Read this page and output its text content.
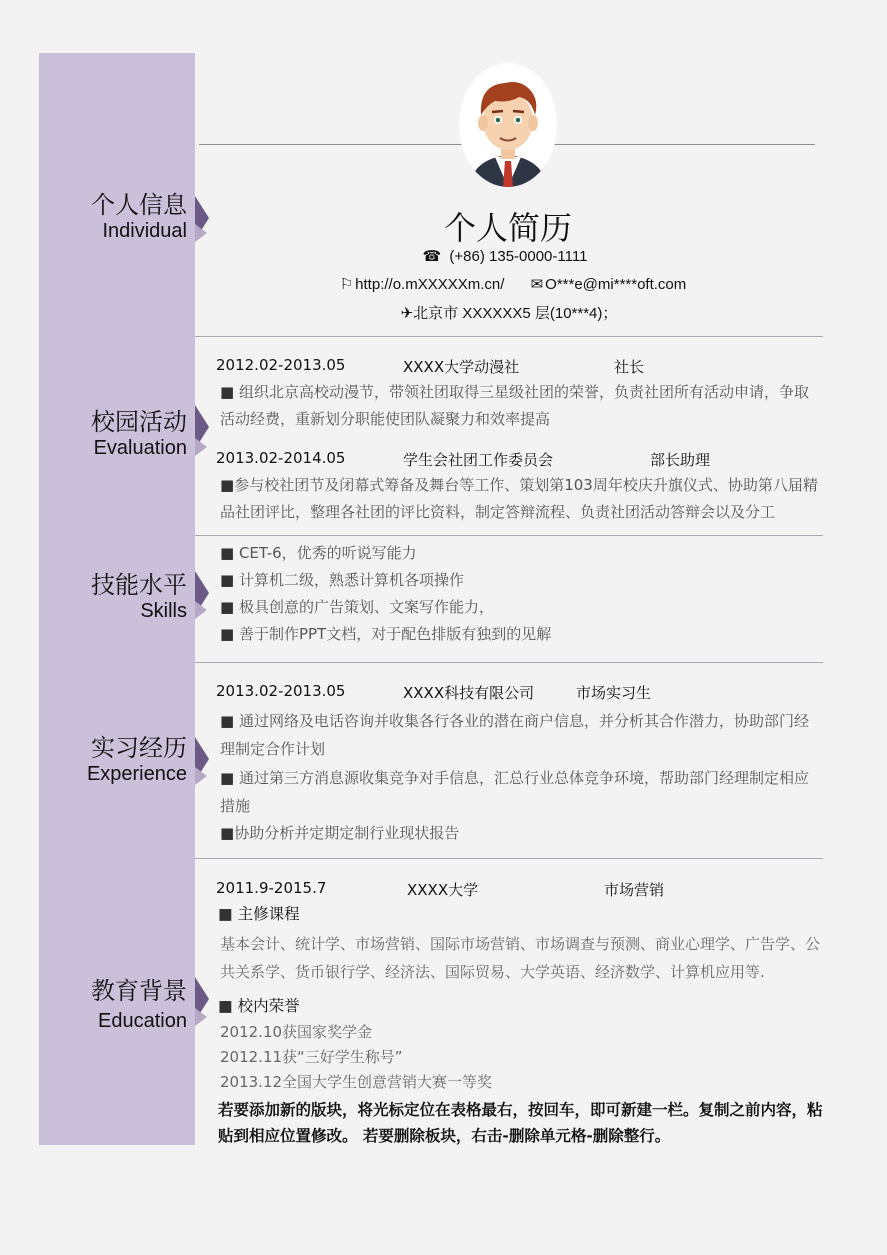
个人信息
Individual
校园活动
Evaluation
技能水平
Skills
实习经历
Experience
教育背景
Education
个人简历
☎ (+86) 135-0000-1111
⚐ http://o.mXXXXXm.cn/ ✉ O***e@mi****oft.com
✈北京市 XXXXXX5 层(10***4)；
2012.02-2013.05	XXXX大学动漫社	社长
■ 组织北京高校动漫节，带领社团取得三星级社团的荣誉，负责社团所有活动申请，争取活动经费，重新划分职能使团队凝聚力和效率提高
2013.02-2014.05	学生会社团工作委员会	部长助理
■参与校社团节及闭幕式筹备及舞台等工作、策划第103周年校庆升旗仪式、协助第八届精品社团评比，整理各社团的评比资料，制定答辩流程、负责社团活动答辩会以及分工
■ CET-6，优秀的听说写能力
■ 计算机二级，熟悉计算机各项操作
■ 极具创意的广告策划、文案写作能力，
■ 善于制作PPT文档，对于配色排版有独到的见解
2013.02-2013.05	XXXX科技有限公司	市场实习生
■ 通过网络及电话咨询并收集各行各业的潜在商户信息，并分析其合作潜力，协助部门经理制定合作计划
■ 通过第三方消息源收集竞争对手信息，汇总行业总体竞争环境，帮助部门经理制定相应措施
■协助分析并定期定制行业现状报告
2011.9-2015.7	XXXX大学	市场营销
■ 主修课程
基本会计、统计学、市场营销、国际市场营销、市场调查与预测、商业心理学、广告学、公共关系学、货币银行学、经济法、国际贸易、大学英语、经济数学、计算机应用等.
■ 校内荣誉
2012.10获国家奖学金
2012.11获“三好学生称号”
2013.12全国大学生创意营销大赛一等奖
若要添加新的版块，将光标定位在表格最右，按回车，即可新建一栏。复制之前内容，粘贴到相应位置修改。 若要删除板块，右击-删除单元格-删除整行。
